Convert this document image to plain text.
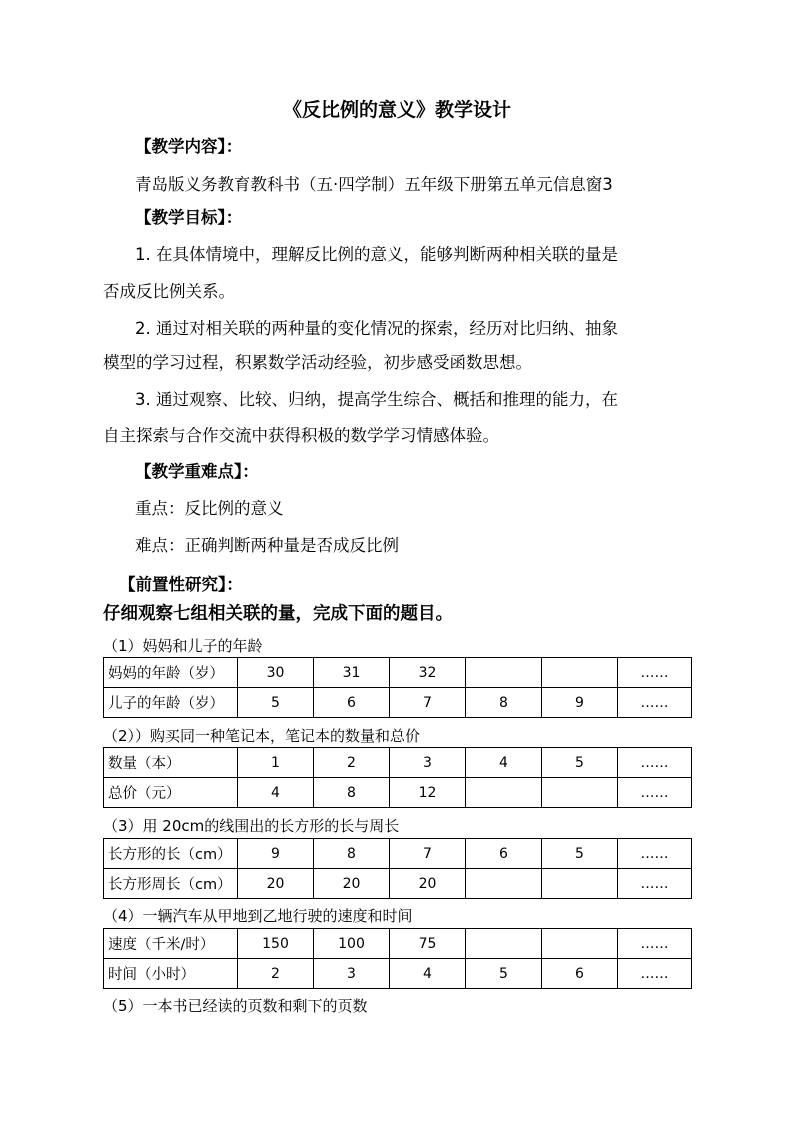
《反比例的意义》教学设计
【教学内容】：
青岛版义务教育教科书（五·四学制）五年级下册第五单元信息窗3
【教学目标】：
1. 在具体情境中，理解反比例的意义，能够判断两种相关联的量是
否成反比例关系。
2. 通过对相关联的两种量的变化情况的探索，经历对比归纳、抽象
模型的学习过程，积累数学活动经验，初步感受函数思想。
3. 通过观察、比较、归纳，提高学生综合、概括和推理的能力，在
自主探索与合作交流中获得积极的数学学习情感体验。
【教学重难点】：
重点：反比例的意义
难点：正确判断两种量是否成反比例
【前置性研究】：
仔细观察七组相关联的量，完成下面的题目。
（1）妈妈和儿子的年龄
妈妈的年龄（岁）	30	31	32			……
儿子的年龄（岁）	5	6	7	8	9	……
（2））购买同一种笔记本，笔记本的数量和总价
数量（本）	1	2	3	4	5	……
总价（元）	4	8	12			……
（3）用 20cm的线围出的长方形的长与周长
长方形的长（cm）	9	8	7	6	5	……
长方形周长（cm）	20	20	20			……
（4）一辆汽车从甲地到乙地行驶的速度和时间
速度（千米/时）	150	100	75			……
时间（小时）	2	3	4	5	6	……
（5）一本书已经读的页数和剩下的页数
